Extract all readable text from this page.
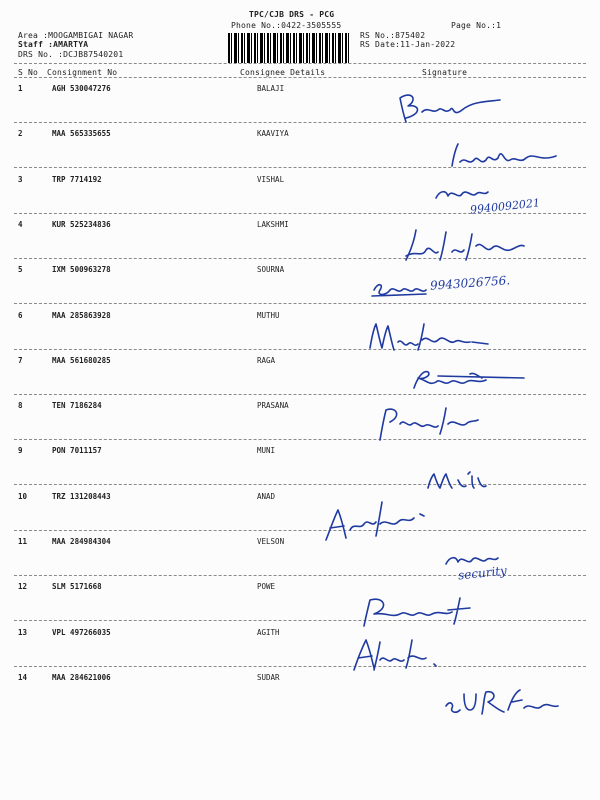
TPC/CJB DRS - PCG
Phone No.:0422-3505555	Page No.:1
Area :MOOGAMBIGAI NAGAR
Staff :AMARTYA
DRS No. :DCJB87540201
RS No.:875402
RS Date:11-Jan-2022
S No Consignment No	Consignee Details	Signature
1	AGH 530047276	BALAJI
2	MAA 565335655	KAAVIYA
3	TRP 7714192	VISHAL
4	KUR 525234836	LAKSHMI
5	IXM 500963278	SOURNA
6	MAA 285863928	MUTHU
7	MAA 561680285	RAGA
8	TEN 7186284	PRASANA
9	PON 7011157	MUNI
10	TRZ 131208443	ANAD
11	MAA 284984304	VELSON
12	SLM 5171668	POWE
13	VPL 497266035	AGITH
14	MAA 284621006	SUDAR
9940092021
9943026756.
security
